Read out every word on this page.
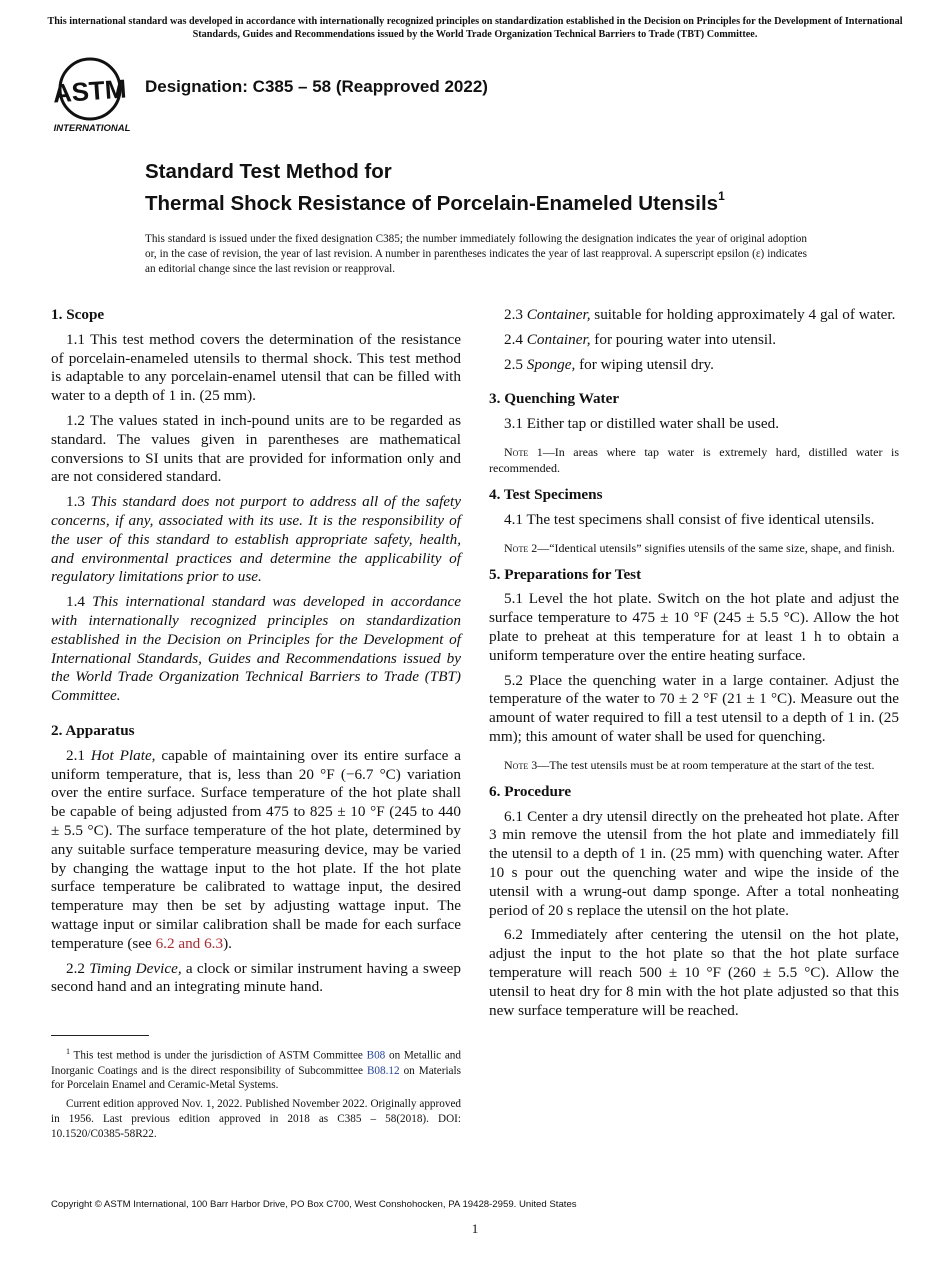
This international standard was developed in accordance with internationally recognized principles on standardization established in the Decision on Principles for the Development of International Standards, Guides and Recommendations issued by the World Trade Organization Technical Barriers to Trade (TBT) Committee.
ASTM
INTERNATIONAL
Designation: C385 – 58 (Reapproved 2022)
Standard Test Method for
Thermal Shock Resistance of Porcelain-Enameled Utensils$^1$
This standard is issued under the fixed designation C385; the number immediately following the designation indicates the year of original adoption or, in the case of revision, the year of last revision. A number in parentheses indicates the year of last reapproval. A superscript epsilon (ε) indicates an editorial change since the last revision or reapproval.

1. Scope

1.1 This test method covers the determination of the resistance of porcelain-enameled utensils to thermal shock. This test method is adaptable to any porcelain-enamel utensil that can be filled with water to a depth of 1 in. (25 mm).

1.2 The values stated in inch-pound units are to be regarded as standard. The values given in parentheses are mathematical conversions to SI units that are provided for information only and are not considered standard.

1.3 This standard does not purport to address all of the safety concerns, if any, associated with its use. It is the responsibility of the user of this standard to establish appropriate safety, health, and environmental practices and determine the applicability of regulatory limitations prior to use.

1.4 This international standard was developed in accordance with internationally recognized principles on standardization established in the Decision on Principles for the Development of International Standards, Guides and Recommendations issued by the World Trade Organization Technical Barriers to Trade (TBT) Committee.

2. Apparatus

2.1 Hot Plate, capable of maintaining over its entire surface a uniform temperature, that is, less than 20 °F (−6.7 °C) variation over the entire surface. Surface temperature of the hot plate shall be capable of being adjusted from 475 to 825 ± 10 °F (245 to 440 ± 5.5 °C). The surface temperature of the hot plate, determined by any suitable surface temperature measuring device, may be varied by changing the wattage input to the hot plate. If the hot plate surface temperature be calibrated to wattage input, the desired temperature may then be set by adjusting wattage input. The wattage input or similar calibration shall be made for each surface temperature (see 6.2 and 6.3).

2.2 Timing Device, a clock or similar instrument having a sweep second hand and an integrating minute hand.

$^1$ This test method is under the jurisdiction of ASTM Committee B08 on Metallic and Inorganic Coatings and is the direct responsibility of Subcommittee B08.12 on Materials for Porcelain Enamel and Ceramic-Metal Systems.

Current edition approved Nov. 1, 2022. Published November 2022. Originally approved in 1956. Last previous edition approved in 2018 as C385 – 58(2018). DOI: 10.1520/C0385-58R22.

2.3 Container, suitable for holding approximately 4 gal of water.

2.4 Container, for pouring water into utensil.

2.5 Sponge, for wiping utensil dry.

3. Quenching Water

3.1 Either tap or distilled water shall be used.

Note 1—In areas where tap water is extremely hard, distilled water is recommended.

4. Test Specimens

4.1 The test specimens shall consist of five identical utensils.

Note 2—“Identical utensils” signifies utensils of the same size, shape, and finish.

5. Preparations for Test

5.1 Level the hot plate. Switch on the hot plate and adjust the surface temperature to 475 ± 10 °F (245 ± 5.5 °C). Allow the hot plate to preheat at this temperature for at least 1 h to obtain a uniform temperature over the entire heating surface.

5.2 Place the quenching water in a large container. Adjust the temperature of the water to 70 ± 2 °F (21 ± 1 °C). Measure out the amount of water required to fill a test utensil to a depth of 1 in. (25 mm); this amount of water shall be used for quenching.

Note 3—The test utensils must be at room temperature at the start of the test.

6. Procedure

6.1 Center a dry utensil directly on the preheated hot plate. After 3 min remove the utensil from the hot plate and immediately fill the utensil to a depth of 1 in. (25 mm) with quenching water. After 10 s pour out the quenching water and wipe the inside of the utensil with a wrung-out damp sponge. After a total nonheating period of 20 s replace the utensil on the hot plate.

6.2 Immediately after centering the utensil on the hot plate, adjust the input to the hot plate so that the hot plate surface temperature will reach 500 ± 10 °F (260 ± 5.5 °C). Allow the utensil to heat dry for 8 min with the hot plate adjusted so that this new surface temperature will be reached.

Copyright © ASTM International, 100 Barr Harbor Drive, PO Box C700, West Conshohocken, PA 19428-2959. United States
1
